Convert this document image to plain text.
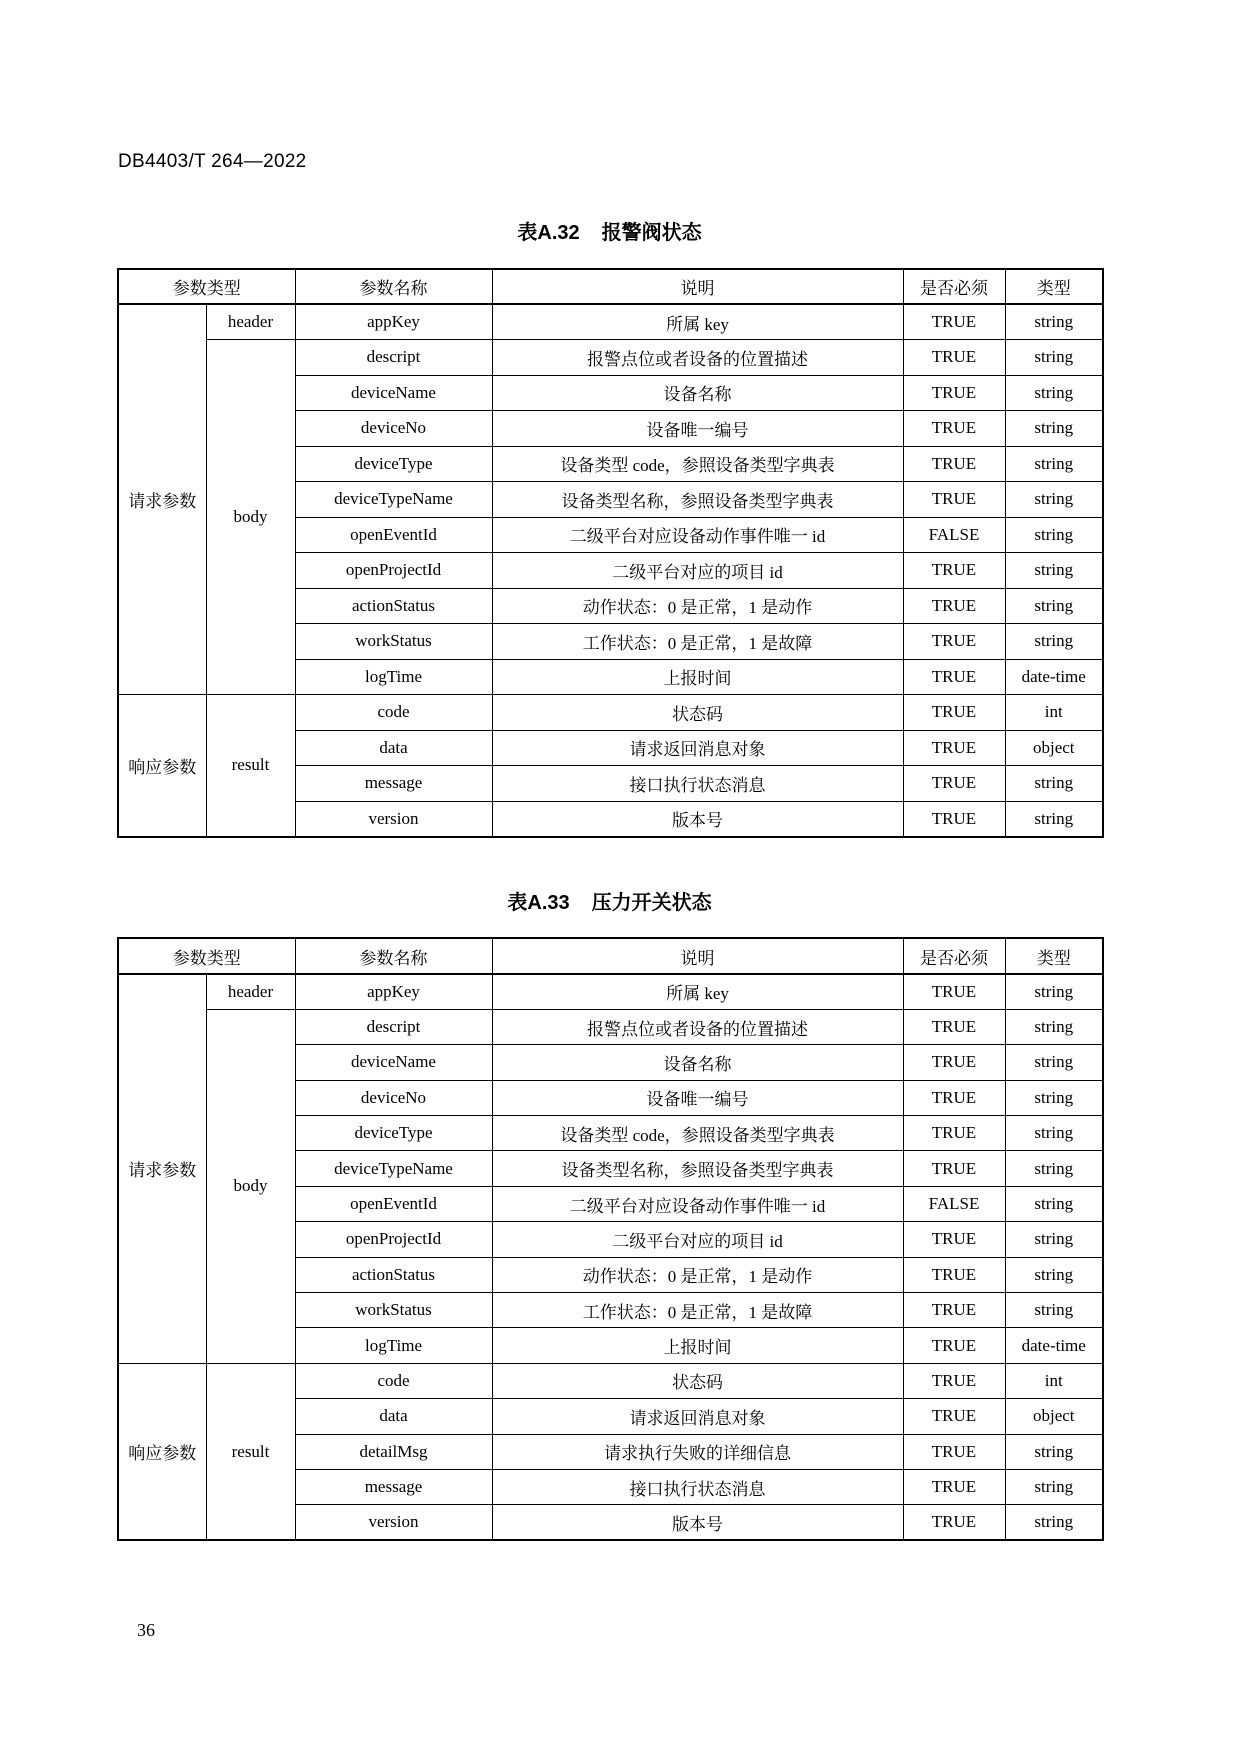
DB4403/T 264—2022
表A.32 报警阀状态
参数类型		参数名称	说明	是否必须	类型
请求参数	header	appKey	所属 key	TRUE	string
	body	descript	报警点位或者设备的位置描述	TRUE	string
		deviceName	设备名称	TRUE	string
		deviceNo	设备唯一编号	TRUE	string
		deviceType	设备类型 code，参照设备类型字典表	TRUE	string
		deviceTypeName	设备类型名称，参照设备类型字典表	TRUE	string
		openEventId	二级平台对应设备动作事件唯一 id	FALSE	string
		openProjectId	二级平台对应的项目 id	TRUE	string
		actionStatus	动作状态：0 是正常，1 是动作	TRUE	string
		workStatus	工作状态：0 是正常，1 是故障	TRUE	string
		logTime	上报时间	TRUE	date-time
响应参数	result	code	状态码	TRUE	int
		data	请求返回消息对象	TRUE	object
		message	接口执行状态消息	TRUE	string
		version	版本号	TRUE	string
表A.33 压力开关状态
参数类型		参数名称	说明	是否必须	类型
请求参数	header	appKey	所属 key	TRUE	string
	body	descript	报警点位或者设备的位置描述	TRUE	string
		deviceName	设备名称	TRUE	string
		deviceNo	设备唯一编号	TRUE	string
		deviceType	设备类型 code，参照设备类型字典表	TRUE	string
		deviceTypeName	设备类型名称，参照设备类型字典表	TRUE	string
		openEventId	二级平台对应设备动作事件唯一 id	FALSE	string
		openProjectId	二级平台对应的项目 id	TRUE	string
		actionStatus	动作状态：0 是正常，1 是动作	TRUE	string
		workStatus	工作状态：0 是正常，1 是故障	TRUE	string
		logTime	上报时间	TRUE	date-time
响应参数	result	code	状态码	TRUE	int
		data	请求返回消息对象	TRUE	object
		detailMsg	请求执行失败的详细信息	TRUE	string
		message	接口执行状态消息	TRUE	string
		version	版本号	TRUE	string
36
